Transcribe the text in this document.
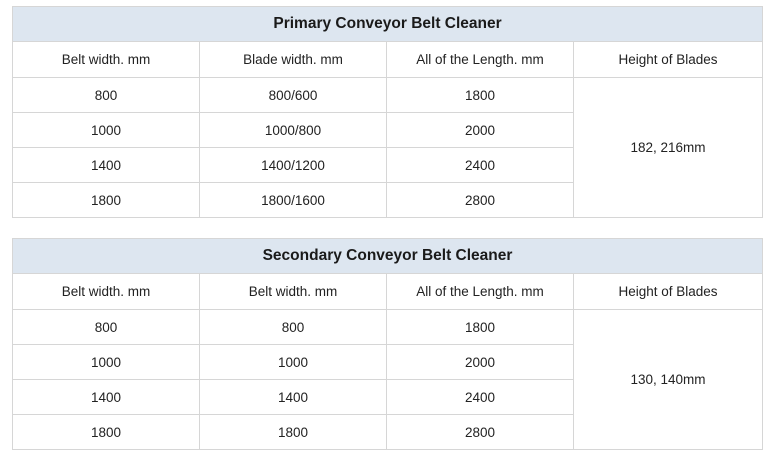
Primary Conveyor Belt Cleaner			
Belt width. mm	Blade width. mm	All of the Length. mm	Height of Blades
800	800/600	1800	182, 216mm
1000	1000/800	2000	
1400	1400/1200	2400	
1800	1800/1600	2800	
Secondary Conveyor Belt Cleaner			
Belt width. mm	Belt width. mm	All of the Length. mm	Height of Blades
800	800	1800	130, 140mm
1000	1000	2000	
1400	1400	2400	
1800	1800	2800	
